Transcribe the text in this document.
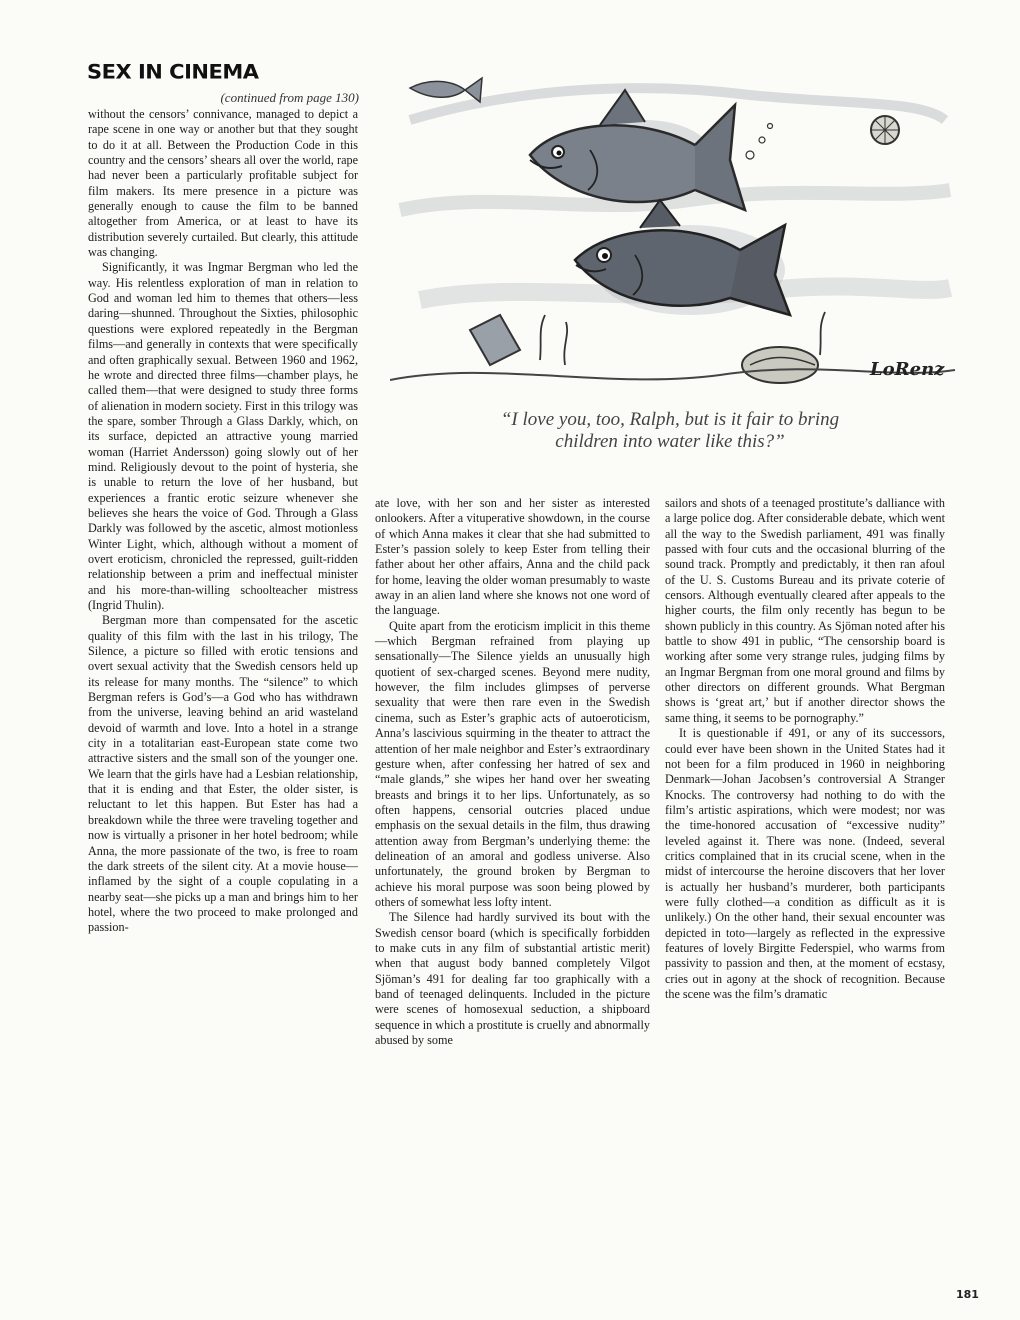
SEX IN CINEMA
(continued from page 130)

without the censors’ connivance, managed to depict a rape scene in one way or another but that they sought to do it at all. Between the Production Code in this country and the censors’ shears all over the world, rape had never been a particularly profitable subject for film makers. Its mere presence in a picture was generally enough to cause the film to be banned altogether from America, or at least to have its distribution severely curtailed. But clearly, this attitude was changing.

Significantly, it was Ingmar Bergman who led the way. His relentless exploration of man in relation to God and woman led him to themes that others—less daring—shunned. Throughout the Sixties, philosophic questions were explored repeatedly in the Bergman films—and generally in contexts that were specifically and often graphically sexual. Between 1960 and 1962, he wrote and directed three films—chamber plays, he called them—that were designed to study three forms of alienation in modern society. First in this trilogy was the spare, somber Through a Glass Darkly, which, on its surface, depicted an attractive young married woman (Harriet Andersson) going slowly out of her mind. Religiously devout to the point of hysteria, she is unable to return the love of her husband, but experiences a frantic erotic seizure whenever she believes she hears the voice of God. Through a Glass Darkly was followed by the ascetic, almost motionless Winter Light, which, although without a moment of overt eroticism, chronicled the repressed, guilt-ridden relationship between a prim and ineffectual minister and his more-than-willing schoolteacher mistress (Ingrid Thulin).

Bergman more than compensated for the ascetic quality of this film with the last in his trilogy, The Silence, a picture so filled with erotic tensions and overt sexual activity that the Swedish censors held up its release for many months. The “silence” to which Bergman refers is God’s—a God who has withdrawn from the universe, leaving behind an arid wasteland devoid of warmth and love. Into a hotel in a strange city in a totalitarian east-European state come two attractive sisters and the small son of the younger one. We learn that the girls have had a Lesbian relationship, that it is ending and that Ester, the older sister, is reluctant to let this happen. But Ester has had a breakdown while the three were traveling together and now is virtually a prisoner in her hotel bedroom; while Anna, the more passionate of the two, is free to roam the dark streets of the silent city. At a movie house—inflamed by the sight of a couple copulating in a nearby seat—she picks up a man and brings him to her hotel, where the two proceed to make prolonged and passion-

LoRenz
“I love you, too, Ralph, but is it fair to bring
children into water like this?”

ate love, with her son and her sister as interested onlookers. After a vituperative showdown, in the course of which Anna makes it clear that she had submitted to Ester’s passion solely to keep Ester from telling their father about her other affairs, Anna and the child pack for home, leaving the older woman presumably to waste away in an alien land where she knows not one word of the language.

Quite apart from the eroticism implicit in this theme—which Bergman refrained from playing up sensationally—The Silence yields an unusually high quotient of sex-charged scenes. Beyond mere nudity, however, the film includes glimpses of perverse sexuality that were then rare even in the Swedish cinema, such as Ester’s graphic acts of autoeroticism, Anna’s lascivious squirming in the theater to attract the attention of her male neighbor and Ester’s extraordinary gesture when, after confessing her hatred of sex and “male glands,” she wipes her hand over her sweating breasts and brings it to her lips. Unfortunately, as so often happens, censorial outcries placed undue emphasis on the sexual details in the film, thus drawing attention away from Bergman’s underlying theme: the delineation of an amoral and godless universe. Also unfortunately, the ground broken by Bergman to achieve his moral purpose was soon being plowed by others of somewhat less lofty intent.

The Silence had hardly survived its bout with the Swedish censor board (which is specifically forbidden to make cuts in any film of substantial artistic merit) when that august body banned completely Vilgot Sjöman’s 491 for dealing far too graphically with a band of teenaged delinquents. Included in the picture were scenes of homosexual seduction, a shipboard sequence in which a prostitute is cruelly and abnormally abused by some

sailors and shots of a teenaged prostitute’s dalliance with a large police dog. After considerable debate, which went all the way to the Swedish parliament, 491 was finally passed with four cuts and the occasional blurring of the sound track. Promptly and predictably, it then ran afoul of the U. S. Customs Bureau and its private coterie of censors. Although eventually cleared after appeals to the higher courts, the film only recently has begun to be shown publicly in this country. As Sjöman noted after his battle to show 491 in public, “The censorship board is working after some very strange rules, judging films by an Ingmar Bergman from one moral ground and films by other directors on different grounds. What Bergman shows is ‘great art,’ but if another director shows the same thing, it seems to be pornography.”

It is questionable if 491, or any of its successors, could ever have been shown in the United States had it not been for a film produced in 1960 in neighboring Denmark—Johan Jacobsen’s controversial A Stranger Knocks. The controversy had nothing to do with the film’s artistic aspirations, which were modest; nor was the time-honored accusation of “excessive nudity” leveled against it. There was none. (Indeed, several critics complained that in its crucial scene, when in the midst of intercourse the heroine discovers that her lover is actually her husband’s murderer, both participants were fully clothed—a condition as difficult as it is unlikely.) On the other hand, their sexual encounter was depicted in toto—largely as reflected in the expressive features of lovely Birgitte Federspiel, who warms from passivity to passion and then, at the moment of ecstasy, cries out in agony at the shock of recognition. Because the scene was the film’s dramatic

181
